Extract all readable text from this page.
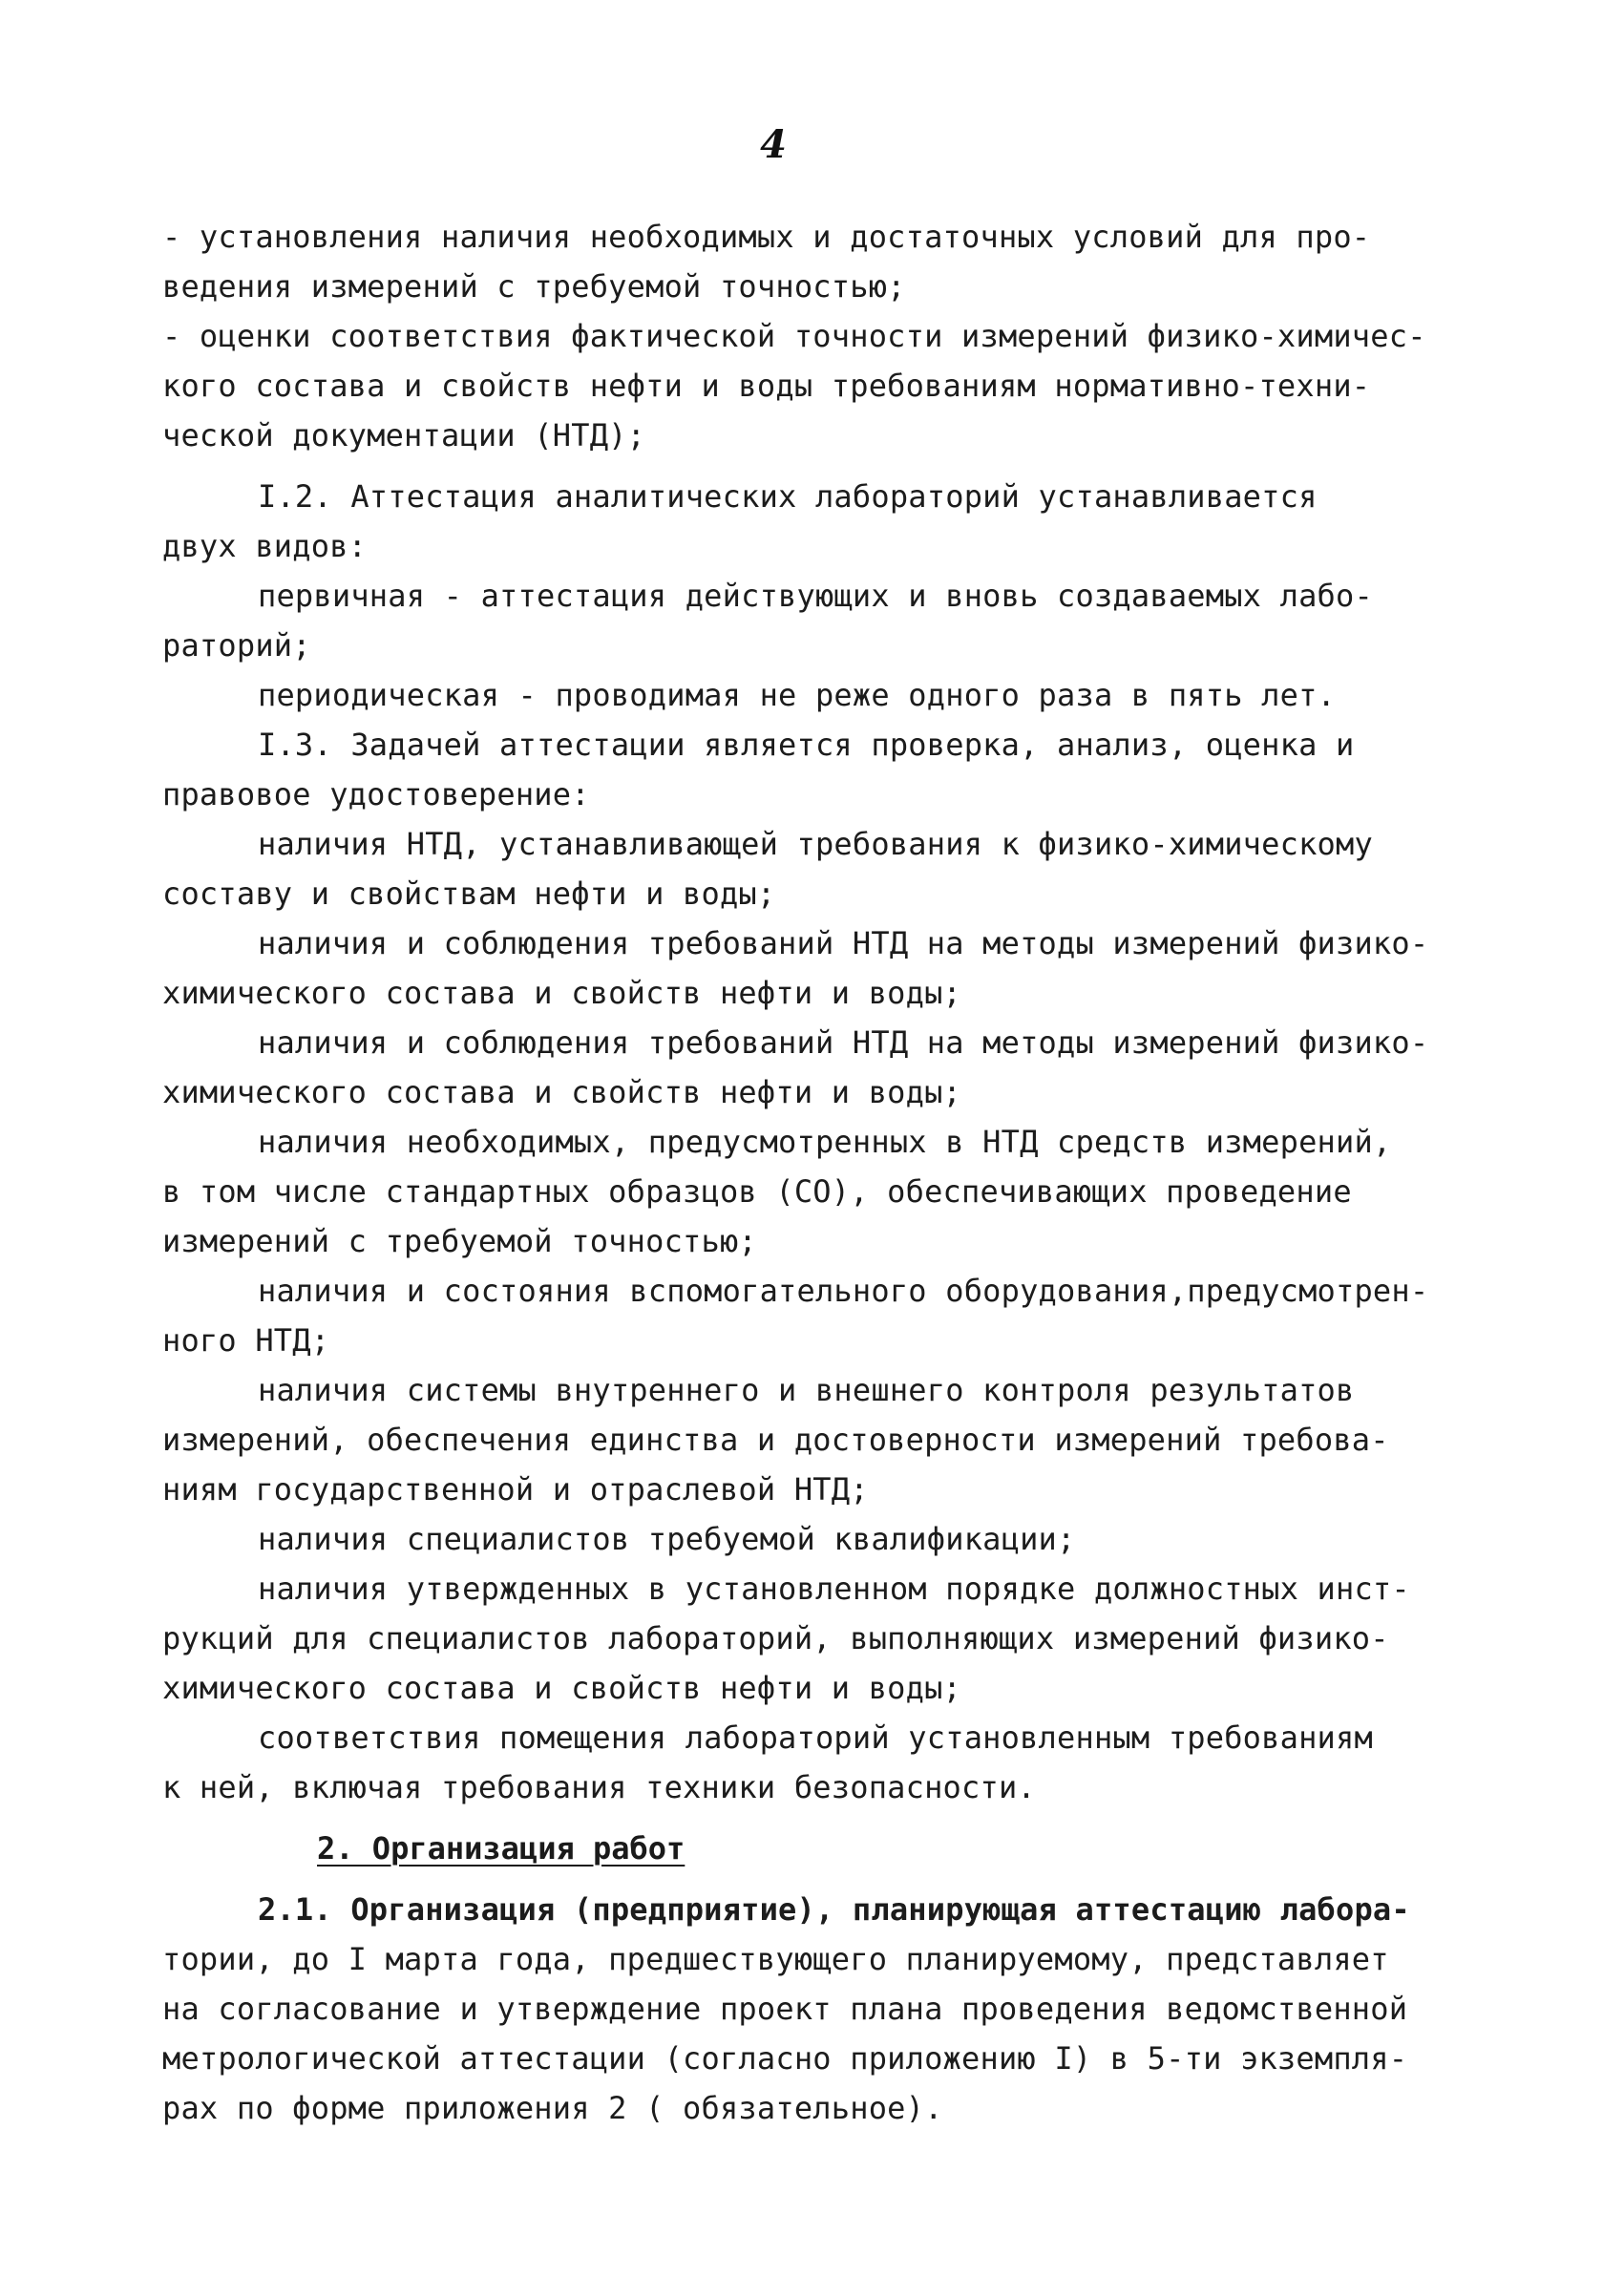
4
- установления наличия необходимых и достаточных условий для про-
ведения измерений с требуемой точностью;
- оценки соответствия фактической точности измерений физико-химичес-
кого состава и свойств нефти и воды требованиям нормативно-техни-
ческой документации (НТД);
I.2. Аттестация аналитических лабораторий устанавливается
двух видов:
первичная - аттестация действующих и вновь создаваемых лабо-
раторий;
периодическая - проводимая не реже одного раза в пять лет.
I.3. Задачей аттестации является проверка, анализ, оценка и
правовое удостоверение:
наличия НТД, устанавливающей требования к физико-химическому
составу и свойствам нефти и воды;
наличия и соблюдения требований НТД на методы измерений физико-
химического состава и свойств нефти и воды;
наличия и соблюдения требований НТД на методы измерений физико-
химического состава и свойств нефти и воды;
наличия необходимых, предусмотренных в НТД средств измерений,
в том числе стандартных образцов (СО), обеспечивающих проведение
измерений с требуемой точностью;
наличия и состояния вспомогательного оборудования,предусмотрен-
ного НТД;
наличия системы внутреннего и внешнего контроля результатов
измерений, обеспечения единства и достоверности измерений требова-
ниям государственной и отраслевой НТД;
наличия специалистов требуемой квалификации;
наличия утвержденных в установленном порядке должностных инст-
рукций для специалистов лабораторий, выполняющих измерений физико-
химического состава и свойств нефти и воды;
соответствия помещения лабораторий установленным требованиям
к ней, включая требования техники безопасности.
2. Организация работ
2.1. Организация (предприятие), планирующая аттестацию лабора-
тории, до I марта года, предшествующего планируемому, представляет
на согласование и утверждение проект плана проведения ведомственной
метрологической аттестации (согласно приложению I) в 5-ти экземпля-
рах по форме приложения 2 ( обязательное).
